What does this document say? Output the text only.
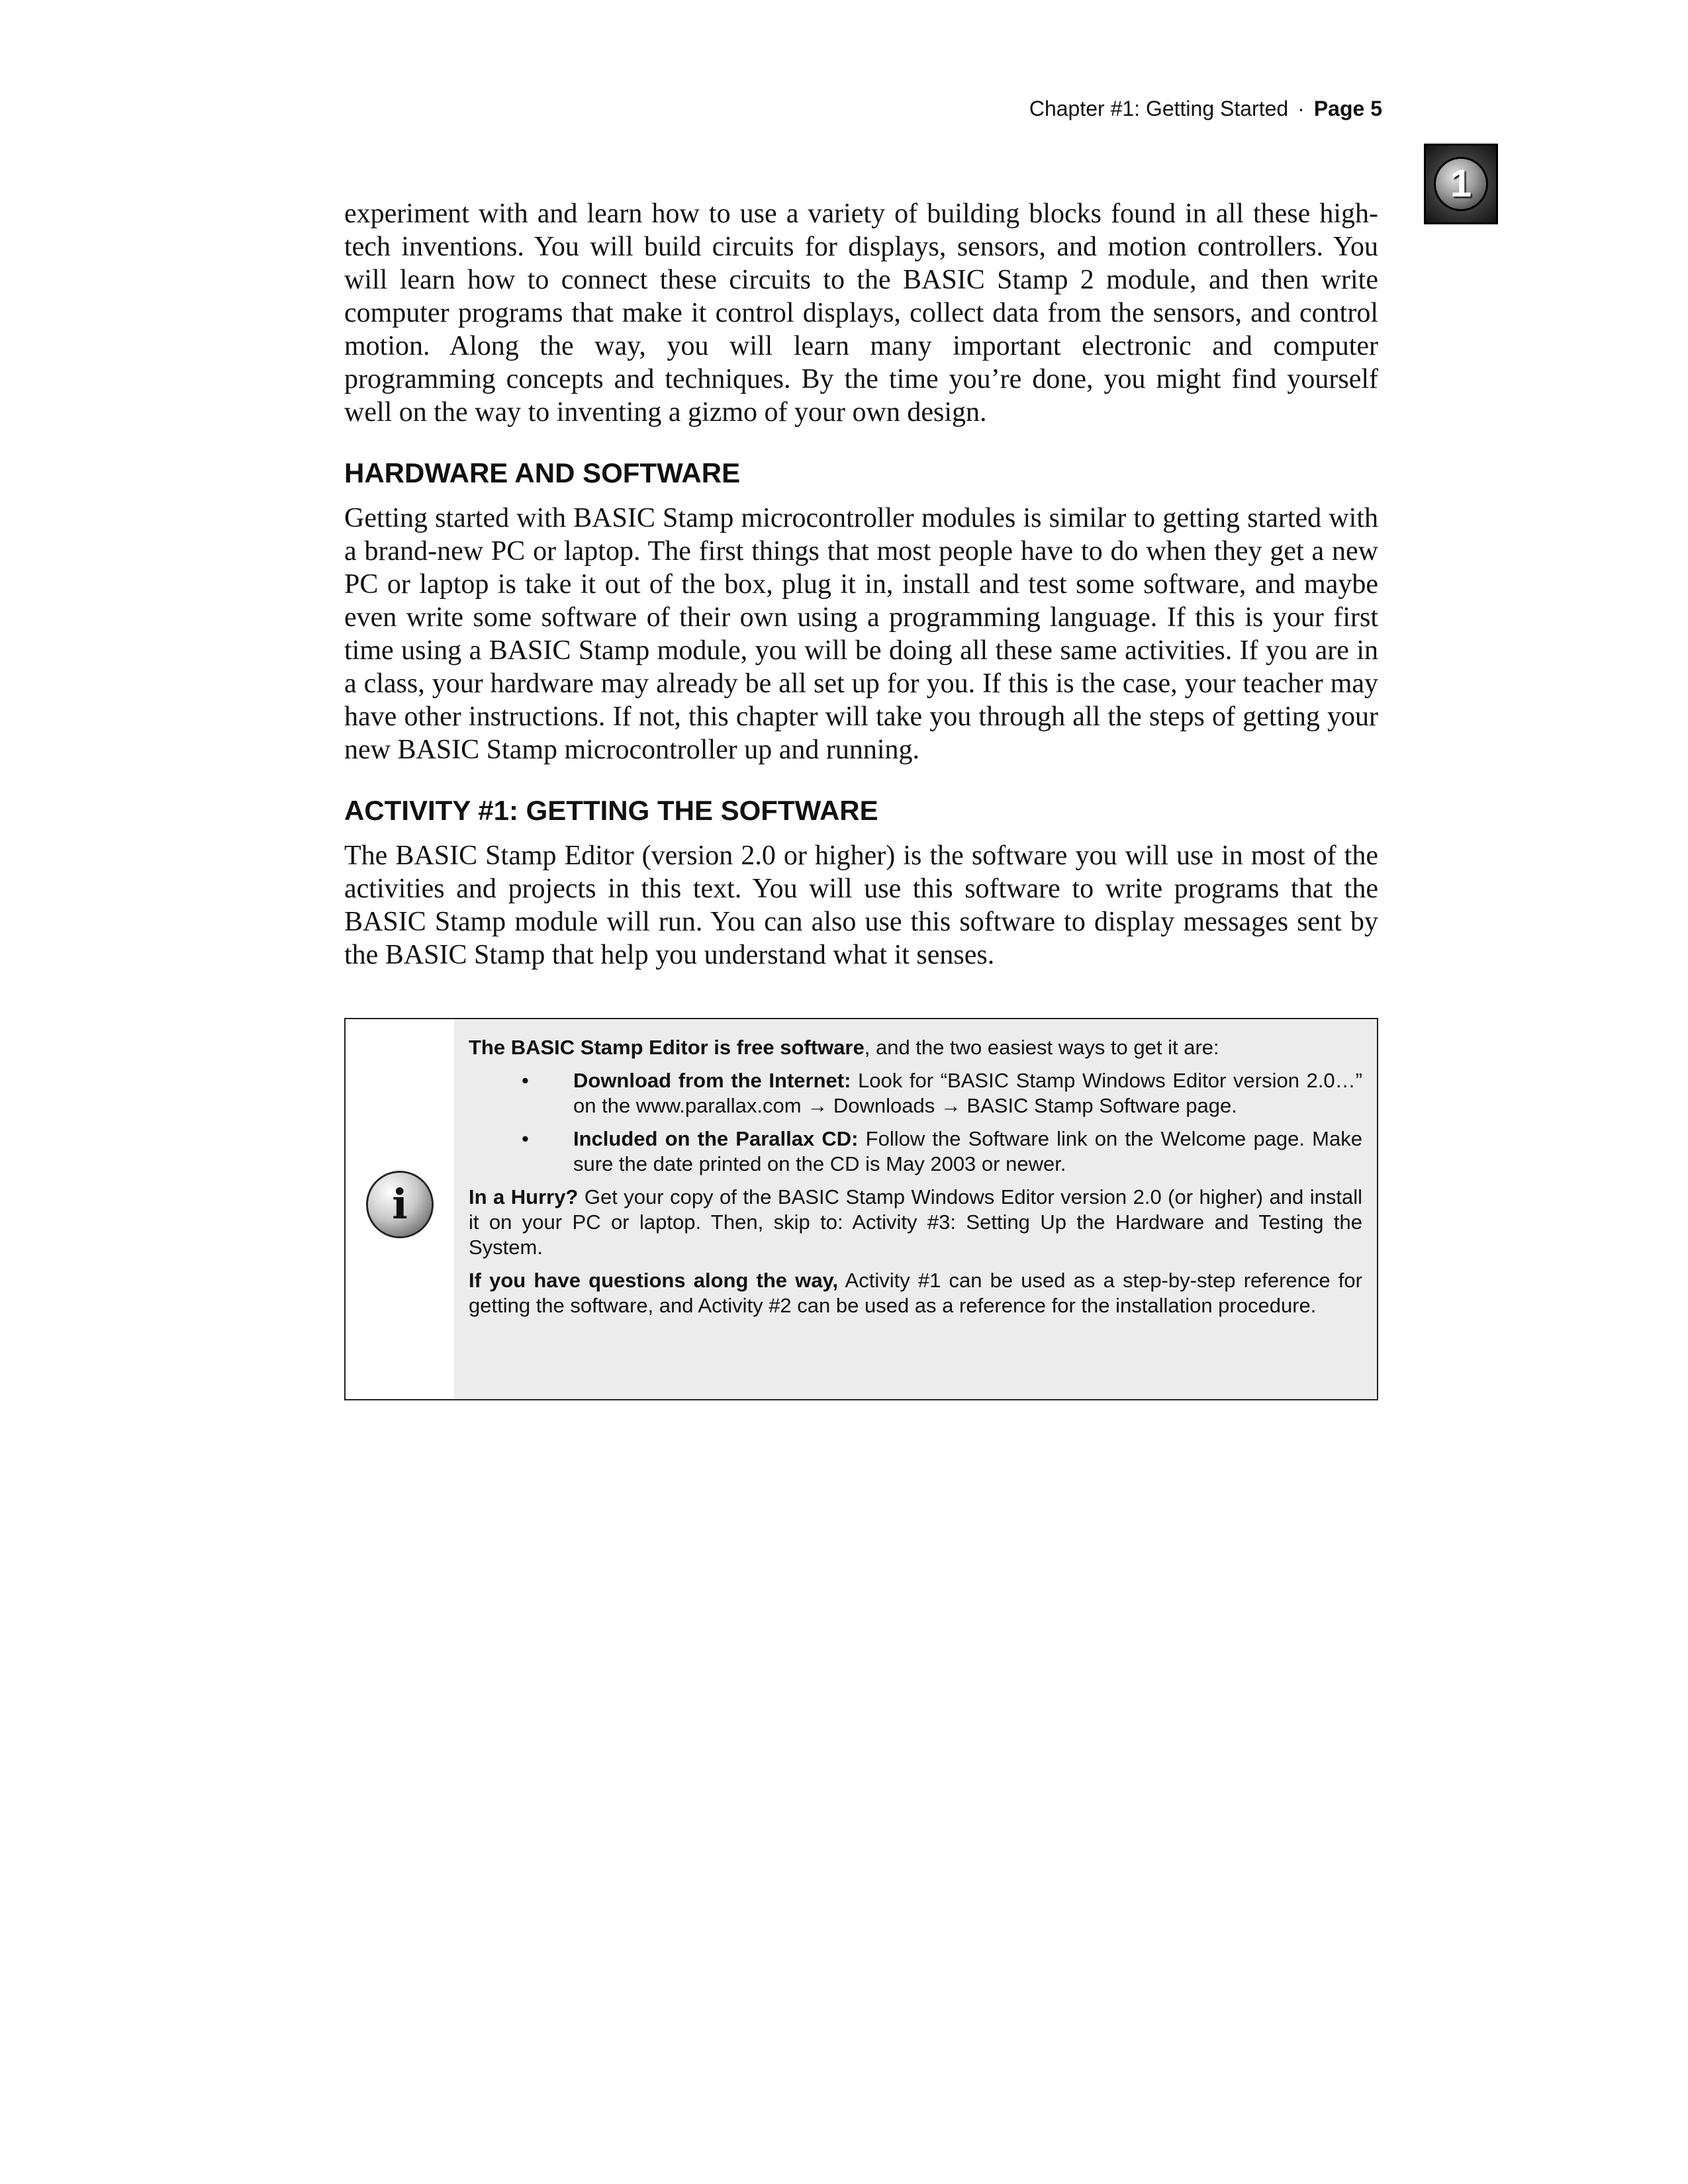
Chapter #1: Getting Started · Page 5
1

experiment with and learn how to use a variety of building blocks found in all these high-tech inventions. You will build circuits for displays, sensors, and motion controllers. You will learn how to connect these circuits to the BASIC Stamp 2 module, and then write computer programs that make it control displays, collect data from the sensors, and control motion. Along the way, you will learn many important electronic and computer programming concepts and techniques. By the time you’re done, you might find yourself well on the way to inventing a gizmo of your own design.

HARDWARE AND SOFTWARE

Getting started with BASIC Stamp microcontroller modules is similar to getting started with a brand-new PC or laptop. The first things that most people have to do when they get a new PC or laptop is take it out of the box, plug it in, install and test some software, and maybe even write some software of their own using a programming language. If this is your first time using a BASIC Stamp module, you will be doing all these same activities. If you are in a class, your hardware may already be all set up for you. If this is the case, your teacher may have other instructions. If not, this chapter will take you through all the steps of getting your new BASIC Stamp microcontroller up and running.

ACTIVITY #1: GETTING THE SOFTWARE

The BASIC Stamp Editor (version 2.0 or higher) is the software you will use in most of the activities and projects in this text. You will use this software to write programs that the BASIC Stamp module will run. You can also use this software to display messages sent by the BASIC Stamp that help you understand what it senses.

i

The BASIC Stamp Editor is free software, and the two easiest ways to get it are:

• Download from the Internet: Look for “BASIC Stamp Windows Editor version 2.0…” on the www.parallax.com → Downloads → BASIC Stamp Software page.
• Included on the Parallax CD: Follow the Software link on the Welcome page. Make sure the date printed on the CD is May 2003 or newer.

In a Hurry? Get your copy of the BASIC Stamp Windows Editor version 2.0 (or higher) and install it on your PC or laptop. Then, skip to: Activity #3: Setting Up the Hardware and Testing the System.

If you have questions along the way, Activity #1 can be used as a step-by-step reference for getting the software, and Activity #2 can be used as a reference for the installation procedure.
